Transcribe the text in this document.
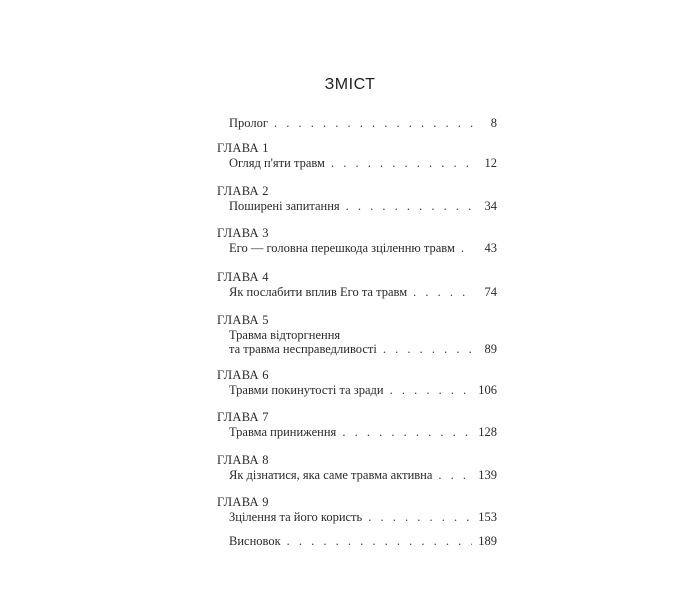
ЗМІСТ
Пролог . . .	8
ГЛАВА 1
Огляд п'яти травм . . .	12
ГЛАВА 2
Поширені запитання . . .	34
ГЛАВА 3
Его — головна перешкода зціленню травм . . .	43
ГЛАВА 4
Як послабити вплив Его та травм . . .	74
ГЛАВА 5
Травма відторгнення
та травма несправедливості . . .	89
ГЛАВА 6
Травми покинутості та зради . . .	106
ГЛАВА 7
Травма приниження . . .	128
ГЛАВА 8
Як дізнатися, яка саме травма активна . . .	139
ГЛАВА 9
Зцілення та його користь . . .	153
Висновок . . .	189
